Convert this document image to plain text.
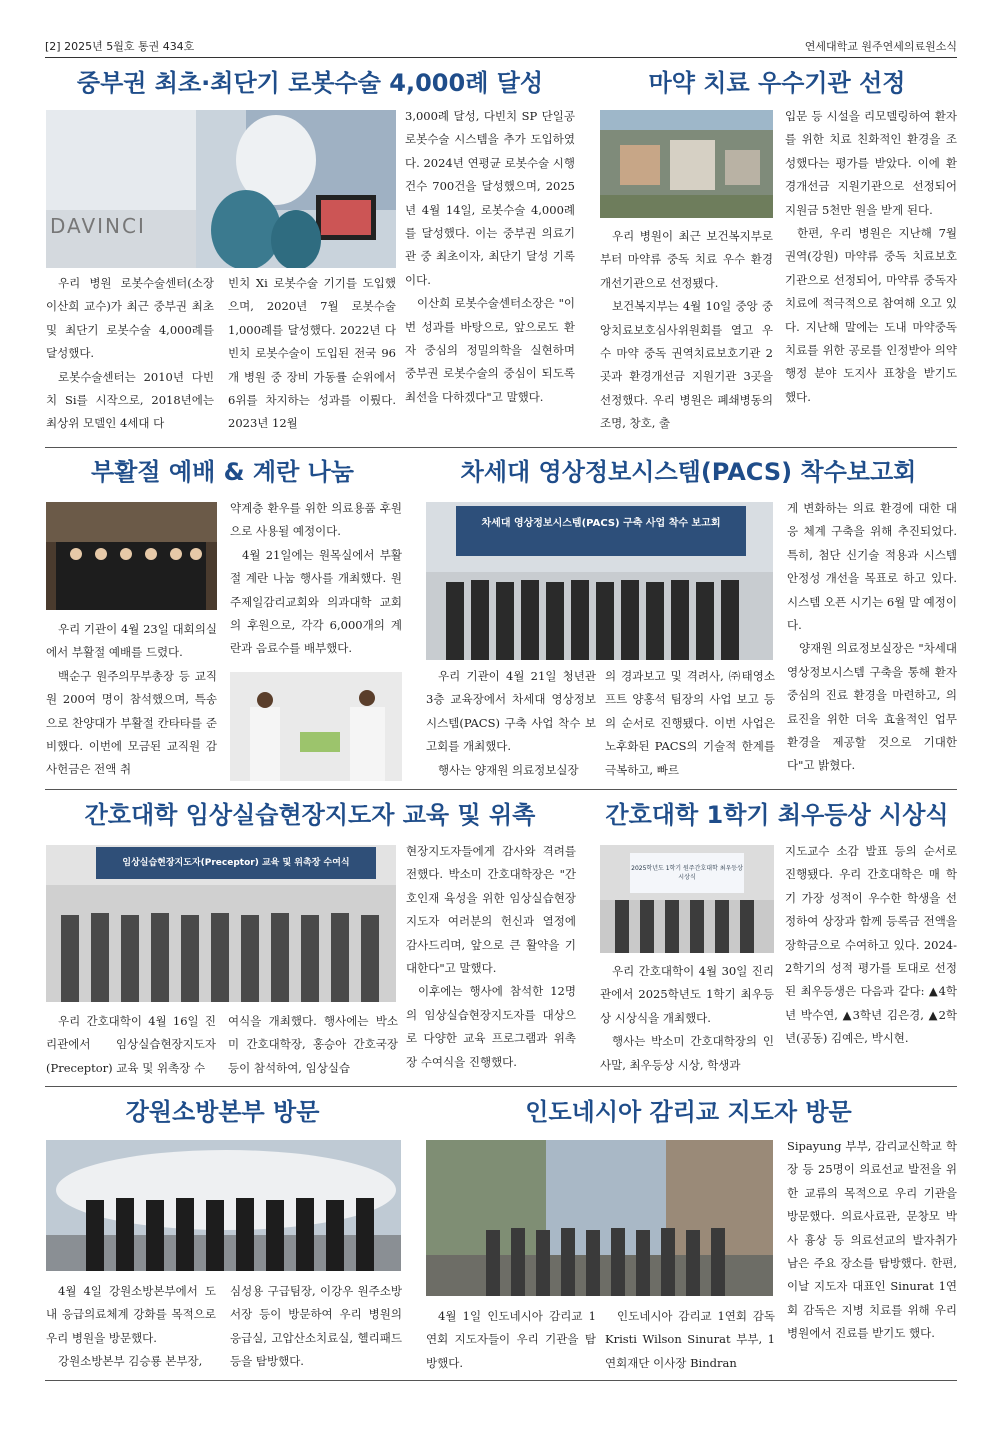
[2] 2025년 5월호 통권 434호	연세대학교 원주연세의료원소식
중부권 최초·최단기 로봇수술 4,000례 달성
DAVINCI

우리 병원 로봇수술센터(소장 이산희 교수)가 최근 중부권 최초 및 최단기 로봇수술 4,000례를 달성했다.

로봇수술센터는 2010년 다빈치 Si를 시작으로, 2018년에는 최상위 모델인 4세대 다

빈치 Xi 로봇수술 기기를 도입했으며, 2020년 7월 로봇수술 1,000례를 달성했다. 2022년 다빈치 로봇수술이 도입된 전국 96개 병원 중 장비 가동률 순위에서 6위를 차지하는 성과를 이뤘다. 2023년 12월

3,000례 달성, 다빈치 SP 단일공 로봇수술 시스템을 추가 도입하였다. 2024년 연평균 로봇수술 시행 건수 700건을 달성했으며, 2025년 4월 14일, 로봇수술 4,000례를 달성했다. 이는 중부권 의료기관 중 최초이자, 최단기 달성 기록이다.

이산희 로봇수술센터소장은 "이번 성과를 바탕으로, 앞으로도 환자 중심의 정밀의학을 실현하며 중부권 로봇수술의 중심이 되도록 최선을 다하겠다"고 말했다.

마약 치료 우수기관 선정

우리 병원이 최근 보건복지부로부터 마약류 중독 치료 우수 환경개선기관으로 선정됐다.

보건복지부는 4월 10일 중앙 중앙치료보호심사위원회를 열고 우수 마약 중독 권역치료보호기관 2곳과 환경개선금 지원기관 3곳을 선정했다. 우리 병원은 폐쇄병동의 조명, 창호, 출

입문 등 시설을 리모델링하여 환자를 위한 치료 친화적인 환경을 조성했다는 평가를 받았다. 이에 환경개선금 지원기관으로 선정되어 지원금 5천만 원을 받게 된다.

한편, 우리 병원은 지난해 7월 권역(강원) 마약류 중독 치료보호기관으로 선정되어, 마약류 중독자 치료에 적극적으로 참여해 오고 있다. 지난해 말에는 도내 마약중독 치료를 위한 공로를 인정받아 의약행정 분야 도지사 표창을 받기도 했다.

부활절 예배 & 계란 나눔

우리 기관이 4월 23일 대회의실에서 부활절 예배를 드렸다.

백순구 원주의무부총장 등 교직원 200여 명이 참석했으며, 특송으로 찬양대가 부활절 칸타타를 준비했다. 이번에 모금된 교직원 감사헌금은 전액 취

약계층 환우를 위한 의료용품 후원으로 사용될 예정이다.

4월 21일에는 원목실에서 부활절 계란 나눔 행사를 개최했다. 원주제일감리교회와 의과대학 교회의 후원으로, 각각 6,000개의 계란과 음료수를 배부했다.

차세대 영상정보시스템(PACS) 착수보고회
차세대 영상정보시스템(PACS) 구축 사업 착수 보고회

우리 기관이 4월 21일 청년관 3층 교육장에서 차세대 영상정보시스템(PACS) 구축 사업 착수 보고회를 개최했다.

행사는 양재원 의료정보실장

의 경과보고 및 격려사, ㈜태영소프트 양홍석 팀장의 사업 보고 등의 순서로 진행됐다. 이번 사업은 노후화된 PACS의 기술적 한계를 극복하고, 빠르

게 변화하는 의료 환경에 대한 대응 체계 구축을 위해 추진되었다. 특히, 첨단 신기술 적용과 시스템 안정성 개선을 목표로 하고 있다. 시스템 오픈 시기는 6월 말 예정이다.

양재원 의료정보실장은 "차세대 영상정보시스템 구축을 통해 환자 중심의 진료 환경을 마련하고, 의료진을 위한 더욱 효율적인 업무 환경을 제공할 것으로 기대한다"고 밝혔다.

간호대학 임상실습현장지도자 교육 및 위촉
임상실습현장지도자(Preceptor) 교육 및 위촉장 수여식

우리 간호대학이 4월 16일 진리관에서 임상실습현장지도자(Preceptor) 교육 및 위촉장 수

여식을 개최했다. 행사에는 박소미 간호대학장, 홍승아 간호국장 등이 참석하여, 임상실습

현장지도자들에게 감사와 격려를 전했다. 박소미 간호대학장은 "간호인재 육성을 위한 임상실습현장지도자 여러분의 헌신과 열정에 감사드리며, 앞으로 큰 활약을 기대한다"고 말했다.

이후에는 행사에 참석한 12명의 임상실습현장지도자를 대상으로 다양한 교육 프로그램과 위촉장 수여식을 진행했다.

간호대학 1학기 최우등상 시상식
2025학년도 1학기 원주간호대학 최우등상 시상식

우리 간호대학이 4월 30일 진리관에서 2025학년도 1학기 최우등상 시상식을 개최했다.

행사는 박소미 간호대학장의 인사말, 최우등상 시상, 학생과

지도교수 소감 발표 등의 순서로 진행됐다. 우리 간호대학은 매 학기 가장 성적이 우수한 학생을 선정하여 상장과 함께 등록금 전액을 장학금으로 수여하고 있다. 2024-2학기의 성적 평가를 토대로 선정된 최우등생은 다음과 같다: ▲4학년 박수연, ▲3학년 김은경, ▲2학년(공동) 김예은, 박시현.

강원소방본부 방문

4월 4일 강원소방본부에서 도내 응급의료체계 강화를 목적으로 우리 병원을 방문했다.

강원소방본부 김승룡 본부장,

심성용 구급팀장, 이강우 원주소방서장 등이 방문하여 우리 병원의 응급실, 고압산소치료실, 헬리패드 등을 탐방했다.

인도네시아 감리교 지도자 방문

4월 1일 인도네시아 감리교 1연회 지도자들이 우리 기관을 탐방했다.

인도네시아 감리교 1연회 감독 Kristi Wilson Sinurat 부부, 1연회재단 이사장 Bindran

Sipayung 부부, 감리교신학교 학장 등 25명이 의료선교 발전을 위한 교류의 목적으로 우리 기관을 방문했다. 의료사료관, 문창모 박사 흉상 등 의료선교의 발자취가 남은 주요 장소를 탐방했다. 한편, 이날 지도자 대표인 Sinurat 1연회 감독은 지병 치료를 위해 우리 병원에서 진료를 받기도 했다.
